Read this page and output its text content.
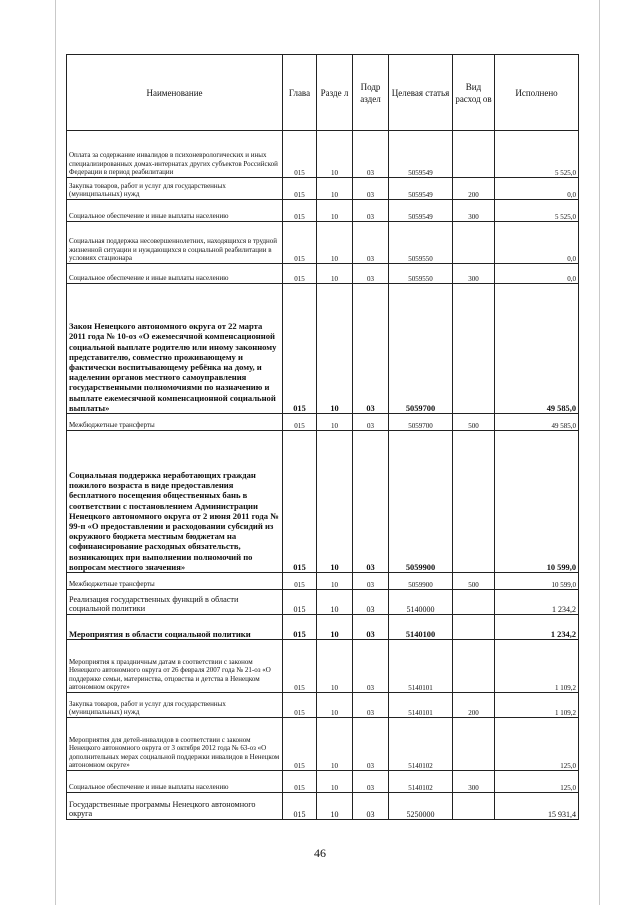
Наименование	Глава	Разде л	Подр аздел	Целевая статья	Вид расход ов	Исполнено
Оплата за содержание инвалидов в психоневрологических и иных специализированных домах-интернатах других субъектов Российской Федерации в период реабилитации	015	10	03	5059549		5 525,0
Закупка товаров, работ и услуг для государственных (муниципальных) нужд	015	10	03	5059549	200	0,0
Социальное обеспечение и иные выплаты населению	015	10	03	5059549	300	5 525,0
Социальная поддержка несовершеннолетних, находящихся в трудной жизненной ситуации и нуждающихся в социальной реабилитации в условиях стационара	015	10	03	5059550		0,0
Социальное обеспечение и иные выплаты населению	015	10	03	5059550	300	0,0
Закон Ненецкого автономного округа от 22 марта 2011 года № 10-оз «О ежемесячной компенсационной социальной выплате родителю или иному законному представителю, совместно проживающему и фактически воспитывающему ребёнка на дому, и наделении органов местного самоуправления государственными полномочиями по назначению и выплате ежемесячной компенсационной социальной выплаты»	015	10	03	5059700		49 585,0
Межбюджетные трансферты	015	10	03	5059700	500	49 585,0
Социальная поддержка неработающих граждан пожилого возраста в виде предоставления бесплатного посещения общественных бань в соответствии с постановлением Администрации Ненецкого автономного округа от 2 июня 2011 года № 99-п «О предоставлении и расходовании субсидий из окружного бюджета местным бюджетам на софинансирование расходных обязательств, возникающих при выполнении полномочий по вопросам местного значения»	015	10	03	5059900		10 599,0
Межбюджетные трансферты	015	10	03	5059900	500	10 599,0
Реализация государственных функций в области социальной политики	015	10	03	5140000		1 234,2
Мероприятия в области социальной политики	015	10	03	5140100		1 234,2
Мероприятия к праздничным датам в соответствии с законом Ненецкого автономного округа от 26 февраля 2007 года № 21-оз «О поддержке семьи, материнства, отцовства и детства в Ненецком автономном округе»	015	10	03	5140101		1 109,2
Закупка товаров, работ и услуг для государственных (муниципальных) нужд	015	10	03	5140101	200	1 109,2
Мероприятия для детей-инвалидов в соответствии с законом Ненецкого автономного округа от 3 октября 2012 года № 63-оз «О дополнительных мерах социальной поддержки инвалидов в Ненецком автономном округе»	015	10	03	5140102		125,0
Социальное обеспечение и иные выплаты населению	015	10	03	5140102	300	125,0
Государственные программы Ненецкого автономного округа	015	10	03	5250000		15 931,4
46
